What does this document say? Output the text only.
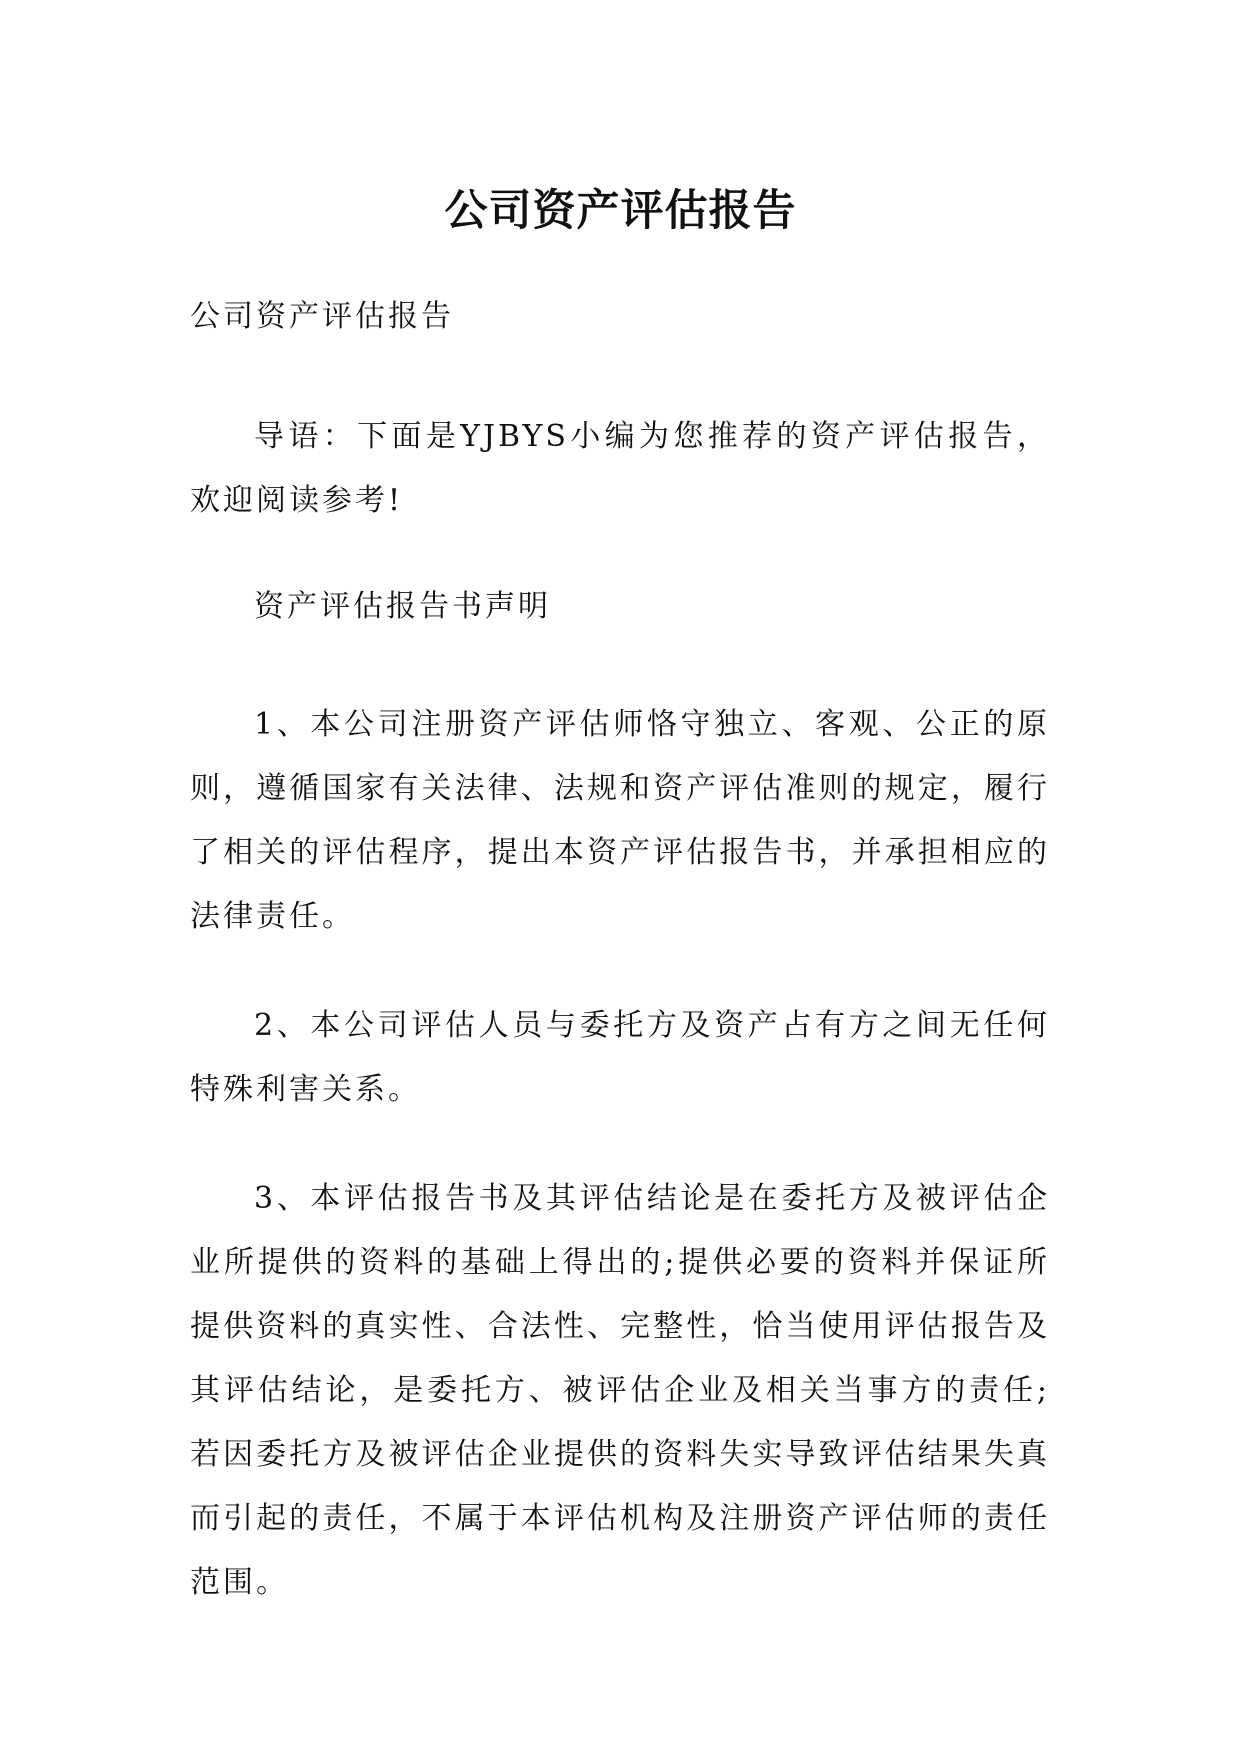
公司资产评估报告

公司资产评估报告

导语：下面是YJBYS小编为您推荐的资产评估报告，欢迎阅读参考!

资产评估报告书声明

1、本公司注册资产评估师恪守独立、客观、公正的原则，遵循国家有关法律、法规和资产评估准则的规定，履行了相关的评估程序，提出本资产评估报告书，并承担相应的法律责任。

2、本公司评估人员与委托方及资产占有方之间无任何特殊利害关系。

3、本评估报告书及其评估结论是在委托方及被评估企业所提供的资料的基础上得出的;提供必要的资料并保证所提供资料的真实性、合法性、完整性，恰当使用评估报告及其评估结论，是委托方、被评估企业及相关当事方的责任;若因委托方及被评估企业提供的资料失实导致评估结果失真而引起的责任，不属于本评估机构及注册资产评估师的责任范围。
